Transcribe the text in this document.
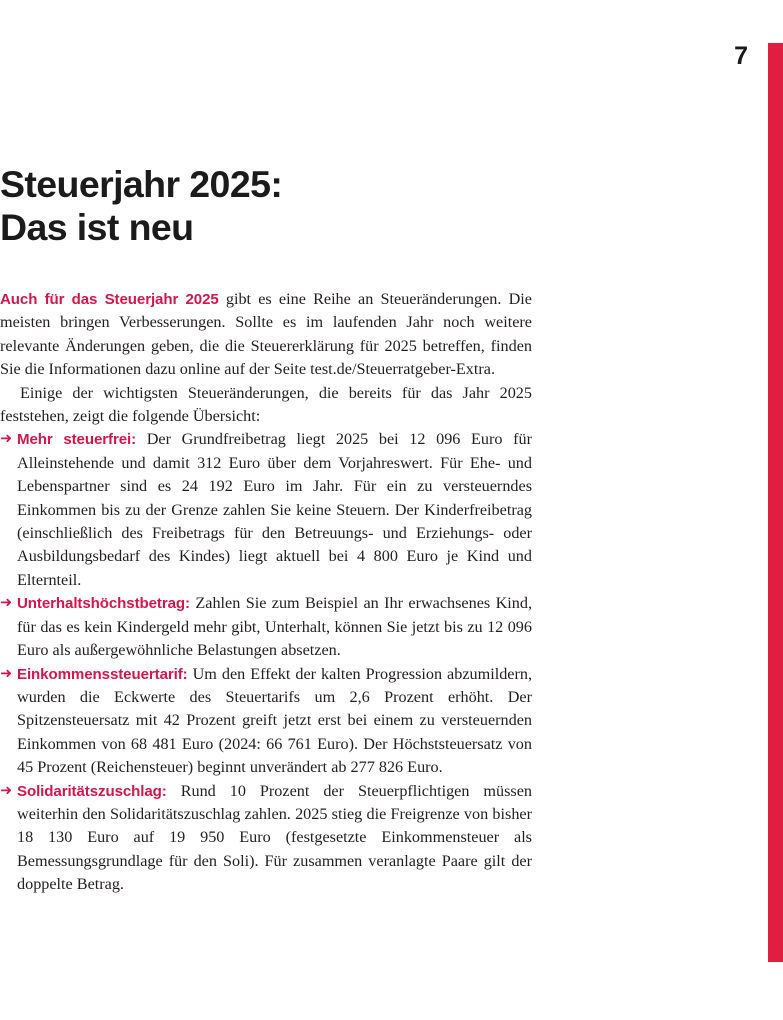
7
Steuerjahr 2025:
Das ist neu

Auch für das Steuerjahr 2025 gibt es eine Reihe an Steueränderungen. Die meisten bringen Verbesserungen. Sollte es im laufenden Jahr noch weitere relevante Änderungen geben, die die Steuererklärung für 2025 betreffen, finden Sie die Informationen dazu online auf der Seite test.de/Steuerratgeber-Extra.

Einige der wichtigsten Steueränderungen, die bereits für das Jahr 2025 feststehen, zeigt die folgende Übersicht:

➜ Mehr steuerfrei: Der Grundfreibetrag liegt 2025 bei 12 096 Euro für Alleinstehende und damit 312 Euro über dem Vorjahreswert. Für Ehe- und Lebenspartner sind es 24 192 Euro im Jahr. Für ein zu versteuerndes Einkommen bis zu der Grenze zahlen Sie keine Steuern. Der Kinderfreibetrag (einschließlich des Freibetrags für den Betreuungs- und Erziehungs- oder Ausbildungsbedarf des Kindes) liegt aktuell bei 4 800 Euro je Kind und Elternteil.
➜ Unterhaltshöchstbetrag: Zahlen Sie zum Beispiel an Ihr erwachsenes Kind, für das es kein Kindergeld mehr gibt, Unterhalt, können Sie jetzt bis zu 12 096 Euro als außergewöhnliche Belastungen absetzen.
➜ Einkommenssteuertarif: Um den Effekt der kalten Progression abzumildern, wurden die Eckwerte des Steuertarifs um 2,6 Prozent erhöht. Der Spitzensteuersatz mit 42 Prozent greift jetzt erst bei einem zu versteuernden Einkommen von 68 481 Euro (2024: 66 761 Euro). Der Höchststeuersatz von 45 Prozent (Reichensteuer) beginnt unverändert ab 277 826 Euro.
➜ Solidaritätszuschlag: Rund 10 Prozent der Steuerpflichtigen müssen weiterhin den Solidaritätszuschlag zahlen. 2025 stieg die Freigrenze von bisher 18 130 Euro auf 19 950 Euro (festgesetzte Einkommensteuer als Bemessungsgrundlage für den Soli). Für zusammen veranlagte Paare gilt der doppelte Betrag.
